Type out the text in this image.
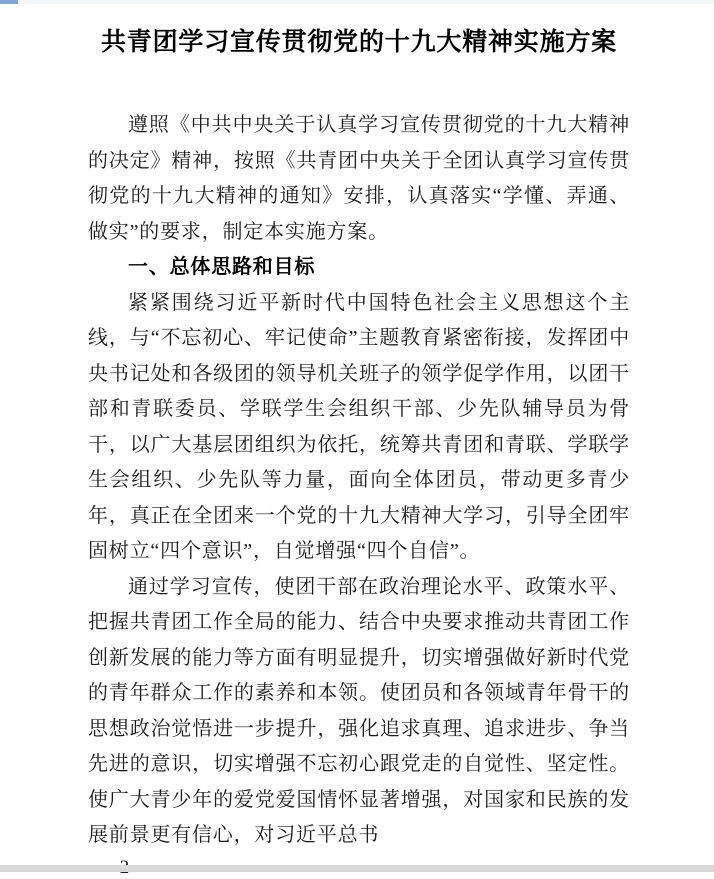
共青团学习宣传贯彻党的十九大精神实施方案

遵照《中共中央关于认真学习宣传贯彻党的十九大精神的决定》精神，按照《共青团中央关于全团认真学习宣传贯彻党的十九大精神的通知》安排，认真落实“学懂、弄通、做实”的要求，制定本实施方案。

一、总体思路和目标

紧紧围绕习近平新时代中国特色社会主义思想这个主线，与“不忘初心、牢记使命”主题教育紧密衔接，发挥团中央书记处和各级团的领导机关班子的领学促学作用，以团干部和青联委员、学联学生会组织干部、少先队辅导员为骨干，以广大基层团组织为依托，统筹共青团和青联、学联学生会组织、少先队等力量，面向全体团员，带动更多青少年，真正在全团来一个党的十九大精神大学习，引导全团牢固树立“四个意识”，自觉增强“四个自信”。

通过学习宣传，使团干部在政治理论水平、政策水平、把握共青团工作全局的能力、结合中央要求推动共青团工作创新发展的能力等方面有明显提升，切实增强做好新时代党的青年群众工作的素养和本领。使团员和各领域青年骨干的思想政治觉悟进一步提升，强化追求真理、追求进步、争当先进的意识，切实增强不忘初心跟党走的自觉性、坚定性。使广大青少年的爱党爱国情怀显著增强，对国家和民族的发展前景更有信心，对习近平总书
